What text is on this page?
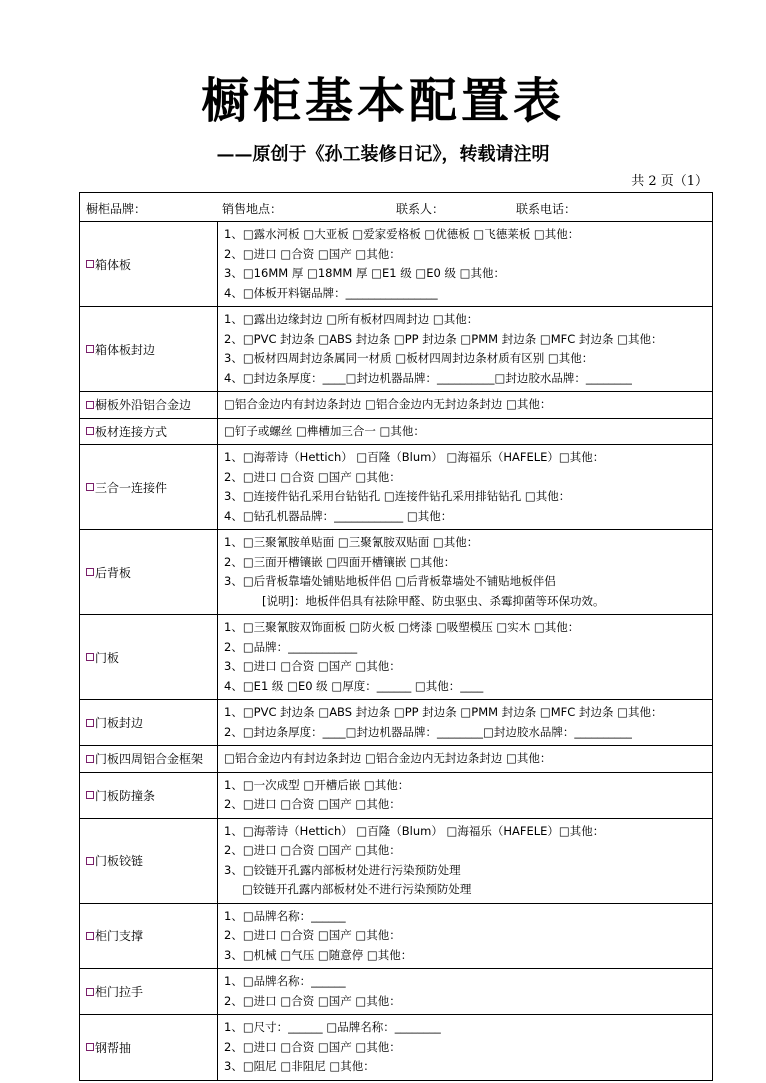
橱柜基本配置表
——原创于《孙工装修日记》，转载请注明
共 2 页（1）
橱柜品牌： 销售地点： 联系人： 联系电话：	

箱体板	1、□露水河板 □大亚板 □爱家爱格板 □优德板 □飞德莱板 □其他：
2、□进口 □合资 □国产 □其他：
3、□16MM 厚 □18MM 厚 □E1 级 □E0 级 □其他：
4、□体板开料锯品牌：________________

箱体板封边	1、□露出边缘封边 □所有板材四周封边 □其他：
2、□PVC 封边条 □ABS 封边条 □PP 封边条 □PMM 封边条 □MFC 封边条 □其他：
3、□板材四周封边条属同一材质 □板材四周封边条材质有区别 □其他：
4、□封边条厚度：____□封边机器品牌：__________□封边胶水品牌：________

橱板外沿铝合金边	□铝合金边内有封边条封边 □铝合金边内无封边条封边 □其他：

板材连接方式	□钉子或螺丝 □榫槽加三合一 □其他：

三合一连接件	1、□海蒂诗（Hettich） □百隆（Blum） □海福乐（HAFELE）□其他：
2、□进口 □合资 □国产 □其他：
3、□连接件钻孔采用台钻钻孔 □连接件钻孔采用排钻钻孔 □其他：
4、□钻孔机器品牌：____________ □其他：

后背板	1、□三聚氰胺单贴面 □三聚氰胺双贴面 □其他：
2、□三面开槽镶嵌 □四面开槽镶嵌 □其他：
3、□后背板靠墙处铺贴地板伴侣 □后背板靠墙处不铺贴地板伴侣
[说明]：地板伴侣具有祛除甲醛、防虫驱虫、杀霉抑菌等环保功效。

门板	1、□三聚氰胺双饰面板 □防火板 □烤漆 □吸塑模压 □实木 □其他：
2、□品牌：____________
3、□进口 □合资 □国产 □其他：
4、□E1 级 □E0 级 □厚度：______ □其他：____

门板封边	1、□PVC 封边条 □ABS 封边条 □PP 封边条 □PMM 封边条 □MFC 封边条 □其他：
2、□封边条厚度：____□封边机器品牌：________□封边胶水品牌：__________

门板四周铝合金框架	□铝合金边内有封边条封边 □铝合金边内无封边条封边 □其他：

门板防撞条	1、□一次成型 □开槽后嵌 □其他：
2、□进口 □合资 □国产 □其他：

门板铰链	1、□海蒂诗（Hettich） □百隆（Blum） □海福乐（HAFELE）□其他：
2、□进口 □合资 □国产 □其他：
3、□铰链开孔露内部板材处进行污染预防处理
□铰链开孔露内部板材处不进行污染预防处理

柜门支撑	1、□品牌名称：______
2、□进口 □合资 □国产 □其他：
3、□机械 □气压 □随意停 □其他：

柜门拉手	1、□品牌名称：______
2、□进口 □合资 □国产 □其他：

钢帮抽	1、□尺寸：______ □品牌名称：________
2、□进口 □合资 □国产 □其他：
3、□阻尼 □非阻尼 □其他：
